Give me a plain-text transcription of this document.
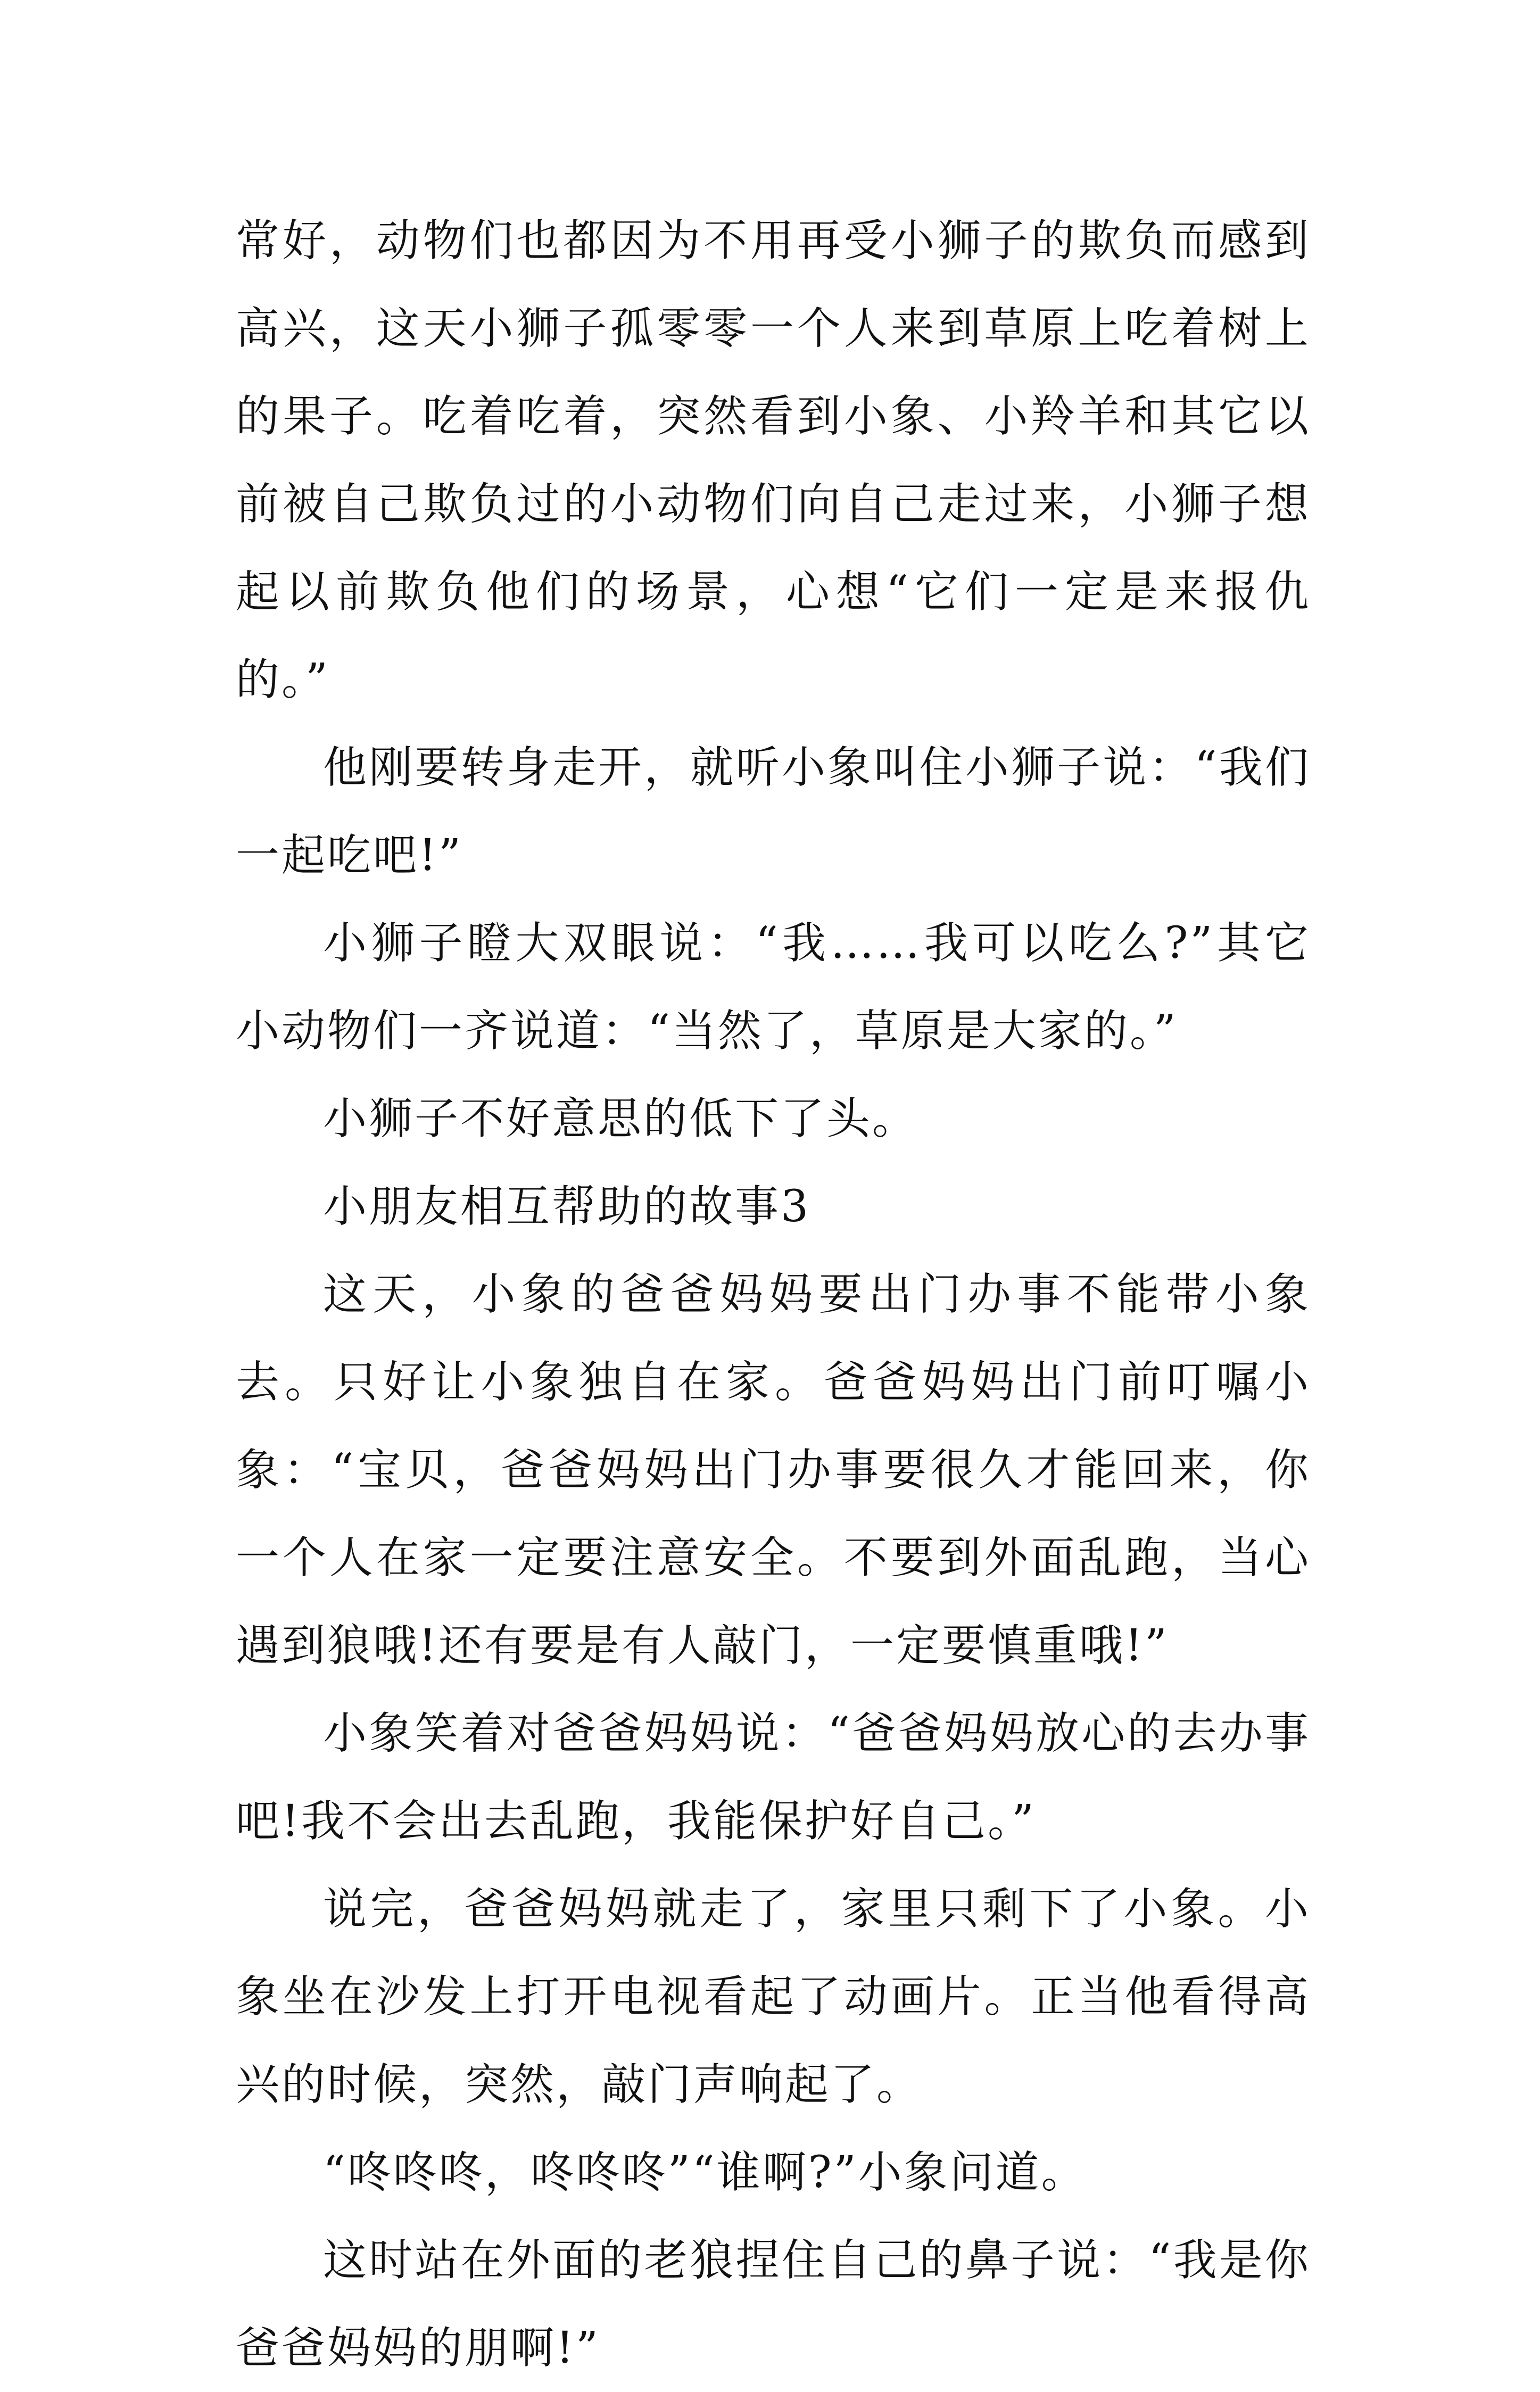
常好，动物们也都因为不用再受小狮子的欺负而感到高兴，这天小狮子孤零零一个人来到草原上吃着树上的果子。吃着吃着，突然看到小象、小羚羊和其它以前被自己欺负过的小动物们向自己走过来，小狮子想起以前欺负他们的场景，心想“它们一定是来报仇的。”

他刚要转身走开，就听小象叫住小狮子说：“我们一起吃吧!”

小狮子瞪大双眼说：“我……我可以吃么?”其它小动物们一齐说道：“当然了，草原是大家的。”

小狮子不好意思的低下了头。

小朋友相互帮助的故事3

这天，小象的爸爸妈妈要出门办事不能带小象去。只好让小象独自在家。爸爸妈妈出门前叮嘱小象：“宝贝，爸爸妈妈出门办事要很久才能回来，你一个人在家一定要注意安全。不要到外面乱跑，当心遇到狼哦!还有要是有人敲门，一定要慎重哦!”

小象笑着对爸爸妈妈说：“爸爸妈妈放心的去办事吧!我不会出去乱跑，我能保护好自己。”

说完，爸爸妈妈就走了，家里只剩下了小象。小象坐在沙发上打开电视看起了动画片。正当他看得高兴的时候，突然，敲门声响起了。

“咚咚咚，咚咚咚”“谁啊?”小象问道。

这时站在外面的老狼捏住自己的鼻子说：“我是你爸爸妈妈的朋啊!”
